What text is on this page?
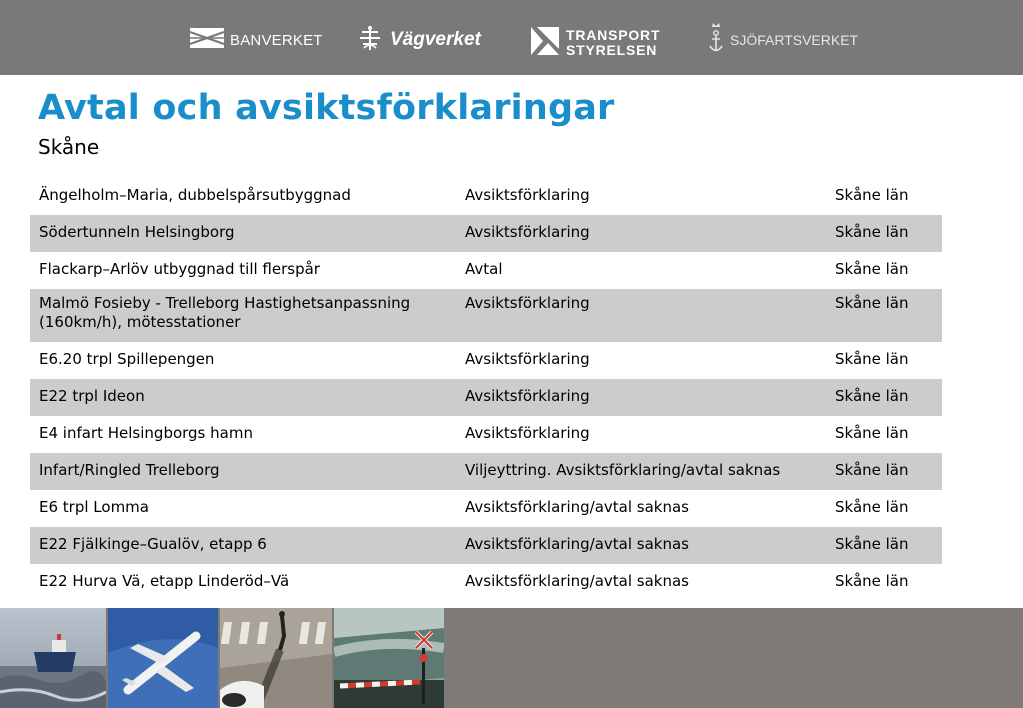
BANVERKET	Vägverket	TRANSPORT
STYRELSEN
SJÖFARTSVERKET
Avtal och avsiktsförklaringar
Skåne
Ängelholm–Maria, dubbelspårsutbyggnad	Avsiktsförklaring	Skåne län
Södertunneln Helsingborg	Avsiktsförklaring	Skåne län
Flackarp–Arlöv utbyggnad till flerspår	Avtal	Skåne län
Malmö Fosieby - Trelleborg Hastighetsanpassning (160km/h), mötesstationer	Avsiktsförklaring	Skåne län
E6.20 trpl Spillepengen	Avsiktsförklaring	Skåne län
E22 trpl Ideon	Avsiktsförklaring	Skåne län
E4 infart Helsingborgs hamn	Avsiktsförklaring	Skåne län
Infart/Ringled Trelleborg	Viljeyttring. Avsiktsförklaring/avtal saknas	Skåne län
E6 trpl Lomma	Avsiktsförklaring/avtal saknas	Skåne län
E22 Fjälkinge–Gualöv, etapp 6	Avsiktsförklaring/avtal saknas	Skåne län
E22 Hurva Vä, etapp Linderöd–Vä	Avsiktsförklaring/avtal saknas	Skåne län
